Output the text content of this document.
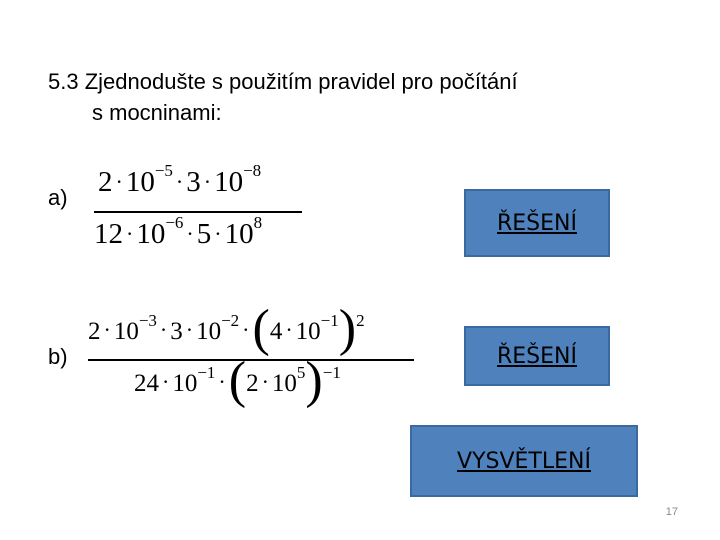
5.3 Zjednodušte s použitím pravidel pro počítání
s mocninami:
a) $2 \cdot 10^{-5} \cdot 3 \cdot 10^{-8}$
$12 \cdot 10^{-6} \cdot 5 \cdot 10^8$	ŘEŠENÍ
b)
$2 \cdot 10^{-3} \cdot 3 \cdot 10^{-2} \cdot(4 \cdot 10^{-1})^2$
$24 \cdot 10^{-1} \cdot(2 \cdot 10^5)^{-1}$
ŘEŠENÍ
VYSVĚTLENÍ
17
